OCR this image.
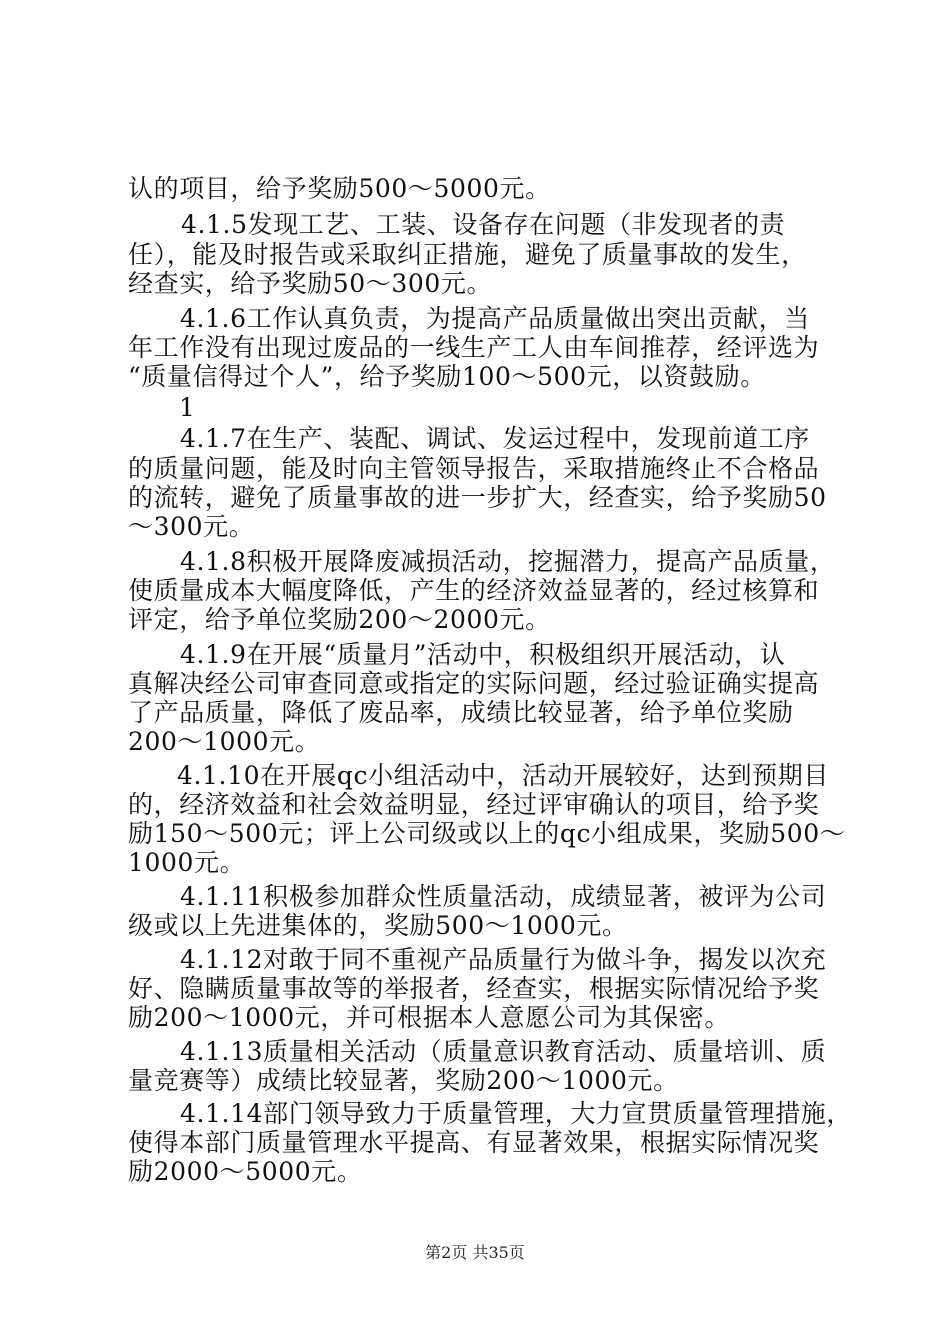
认的项目，给予奖励500～5000元。
4.1.5发现工艺、工装、设备存在问题（非发现者的责
任），能及时报告或采取纠正措施，避免了质量事故的发生，
经查实，给予奖励50～300元。
4.1.6工作认真负责，为提高产品质量做出突出贡献，当
年工作没有出现过废品的一线生产工人由车间推荐，经评选为
“质量信得过个人”，给予奖励100～500元，以资鼓励。
1
4.1.7在生产、装配、调试、发运过程中，发现前道工序
的质量问题，能及时向主管领导报告，采取措施终止不合格品
的流转，避免了质量事故的进一步扩大，经查实，给予奖励50
～300元。
4.1.8积极开展降废减损活动，挖掘潜力，提高产品质量，
使质量成本大幅度降低，产生的经济效益显著的，经过核算和
评定，给予单位奖励200～2000元。
4.1.9在开展“质量月”活动中，积极组织开展活动，认
真解决经公司审查同意或指定的实际问题，经过验证确实提高
了产品质量，降低了废品率，成绩比较显著，给予单位奖励
200～1000元。
4.1.10在开展qc小组活动中，活动开展较好，达到预期目
的，经济效益和社会效益明显，经过评审确认的项目，给予奖
励150～500元；评上公司级或以上的qc小组成果，奖励500～
1000元。
4.1.11积极参加群众性质量活动，成绩显著，被评为公司
级或以上先进集体的，奖励500～1000元。
4.1.12对敢于同不重视产品质量行为做斗争，揭发以次充
好、隐瞒质量事故等的举报者，经查实，根据实际情况给予奖
励200～1000元，并可根据本人意愿公司为其保密。
4.1.13质量相关活动（质量意识教育活动、质量培训、质
量竞赛等）成绩比较显著，奖励200～1000元。
4.1.14部门领导致力于质量管理，大力宣贯质量管理措施，
使得本部门质量管理水平提高、有显著效果，根据实际情况奖
励2000～5000元。
第2页 共35页
